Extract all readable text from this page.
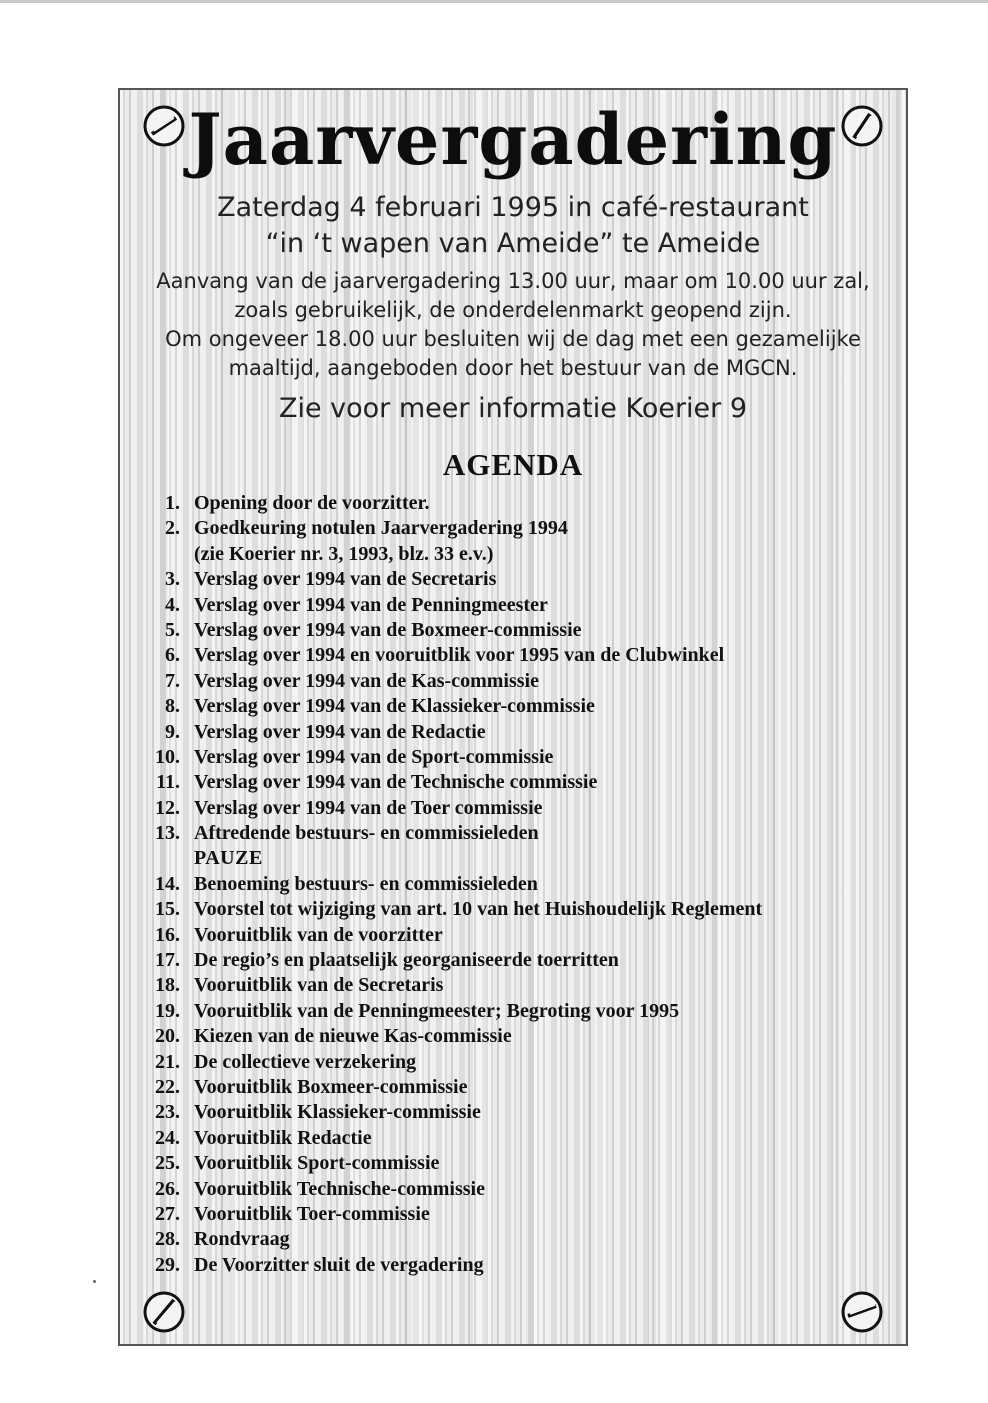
Jaarvergadering
Zaterdag 4 februari 1995 in café-restaurant
“in ‘t wapen van Ameide” te Ameide
Aanvang van de jaarvergadering 13.00 uur, maar om 10.00 uur zal,
zoals gebruikelijk, de onderdelenmarkt geopend zijn.
Om ongeveer 18.00 uur besluiten wij de dag met een gezamelijke
maaltijd, aangeboden door het bestuur van de MGCN.
Zie voor meer informatie Koerier 9
AGENDA
1. Opening door de voorzitter.
2. Goedkeuring notulen Jaarvergadering 1994
(zie Koerier nr. 3, 1993, blz. 33 e.v.)
3. Verslag over 1994 van de Secretaris
4. Verslag over 1994 van de Penningmeester
5. Verslag over 1994 van de Boxmeer-commissie
6. Verslag over 1994 en vooruitblik voor 1995 van de Clubwinkel
7. Verslag over 1994 van de Kas-commissie
8. Verslag over 1994 van de Klassieker-commissie
9. Verslag over 1994 van de Redactie
10. Verslag over 1994 van de Sport-commissie
11. Verslag over 1994 van de Technische commissie
12. Verslag over 1994 van de Toer commissie
13. Aftredende bestuurs- en commissieleden
PAUZE
14. Benoeming bestuurs- en commissieleden
15. Voorstel tot wijziging van art. 10 van het Huishoudelijk Reglement
16. Vooruitblik van de voorzitter
17. De regio’s en plaatselijk georganiseerde toerritten
18. Vooruitblik van de Secretaris
19. Vooruitblik van de Penningmeester; Begroting voor 1995
20. Kiezen van de nieuwe Kas-commissie
21. De collectieve verzekering
22. Vooruitblik Boxmeer-commissie
23. Vooruitblik Klassieker-commissie
24. Vooruitblik Redactie
25. Vooruitblik Sport-commissie
26. Vooruitblik Technische-commissie
27. Vooruitblik Toer-commissie
28. Rondvraag
29. De Voorzitter sluit de vergadering
